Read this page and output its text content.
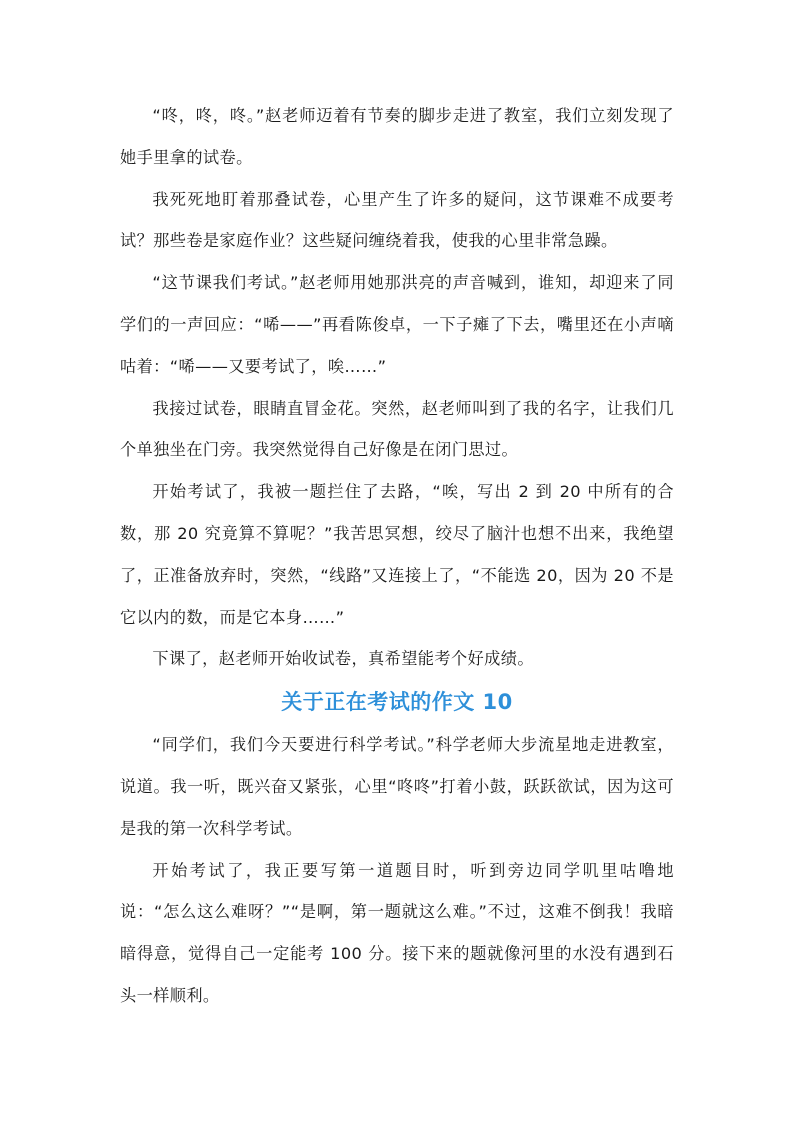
“咚，咚，咚。”赵老师迈着有节奏的脚步走进了教室，我们立刻发现了她手里拿的试卷。

我死死地盯着那叠试卷，心里产生了许多的疑问，这节课难不成要考试？那些卷是家庭作业？这些疑问缠绕着我，使我的心里非常急躁。

“这节课我们考试。”赵老师用她那洪亮的声音喊到，谁知，却迎来了同学们的一声回应：“唏——”再看陈俊卓，一下子瘫了下去，嘴里还在小声嘀咕着：“唏——又要考试了，唉……”

我接过试卷，眼睛直冒金花。突然，赵老师叫到了我的名字，让我们几个单独坐在门旁。我突然觉得自己好像是在闭门思过。

开始考试了，我被一题拦住了去路，“唉，写出 2 到 20 中所有的合数，那 20 究竟算不算呢？”我苦思冥想，绞尽了脑汁也想不出来，我绝望了，正准备放弃时，突然，“线路”又连接上了，“不能选 20，因为 20 不是它以内的数，而是它本身……”

下课了，赵老师开始收试卷，真希望能考个好成绩。

关于正在考试的作文 10

“同学们，我们今天要进行科学考试。”科学老师大步流星地走进教室，说道。我一听，既兴奋又紧张，心里“咚咚”打着小鼓，跃跃欲试，因为这可是我的第一次科学考试。

开始考试了，我正要写第一道题目时，听到旁边同学叽里咕噜地说：“怎么这么难呀？”“是啊，第一题就这么难。”不过，这难不倒我！我暗暗得意，觉得自己一定能考 100 分。接下来的题就像河里的水没有遇到石头一样顺利。
